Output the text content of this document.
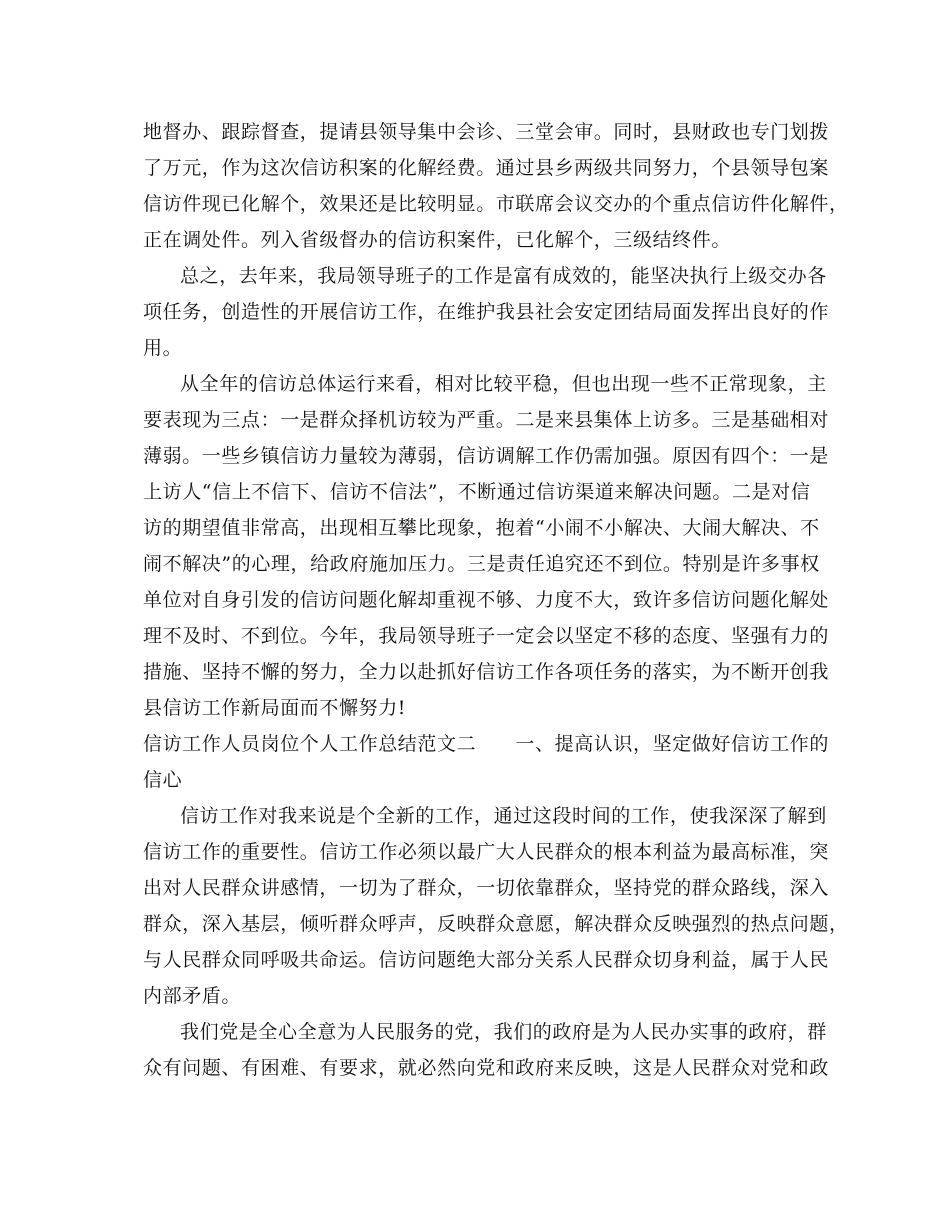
地督办、跟踪督查，提请县领导集中会诊、三堂会审。同时，县财政也专门划拨
了万元，作为这次信访积案的化解经费。通过县乡两级共同努力，个县领导包案
信访件现已化解个，效果还是比较明显。市联席会议交办的个重点信访件化解件，
正在调处件。列入省级督办的信访积案件，已化解个，三级结终件。
总之，去年来，我局领导班子的工作是富有成效的，能坚决执行上级交办各
项任务，创造性的开展信访工作，在维护我县社会安定团结局面发挥出良好的作
用。
从全年的信访总体运行来看，相对比较平稳，但也出现一些不正常现象，主
要表现为三点：一是群众择机访较为严重。二是来县集体上访多。三是基础相对
薄弱。一些乡镇信访力量较为薄弱，信访调解工作仍需加强。原因有四个：一是
上访人“信上不信下、信访不信法”，不断通过信访渠道来解决问题。二是对信
访的期望值非常高，出现相互攀比现象，抱着“小闹不小解决、大闹大解决、不
闹不解决”的心理，给政府施加压力。三是责任追究还不到位。特别是许多事权
单位对自身引发的信访问题化解却重视不够、力度不大，致许多信访问题化解处
理不及时、不到位。今年，我局领导班子一定会以坚定不移的态度、坚强有力的
措施、坚持不懈的努力，全力以赴抓好信访工作各项任务的落实，为不断开创我
县信访工作新局面而不懈努力!
信访工作人员岗位个人工作总结范文二　　一、提高认识，坚定做好信访工作的
信心
信访工作对我来说是个全新的工作，通过这段时间的工作，使我深深了解到
信访工作的重要性。信访工作必须以最广大人民群众的根本利益为最高标准，突
出对人民群众讲感情，一切为了群众，一切依靠群众，坚持党的群众路线，深入
群众，深入基层，倾听群众呼声，反映群众意愿，解决群众反映强烈的热点问题，
与人民群众同呼吸共命运。信访问题绝大部分关系人民群众切身利益，属于人民
内部矛盾。
我们党是全心全意为人民服务的党，我们的政府是为人民办实事的政府，群
众有问题、有困难、有要求，就必然向党和政府来反映，这是人民群众对党和政
